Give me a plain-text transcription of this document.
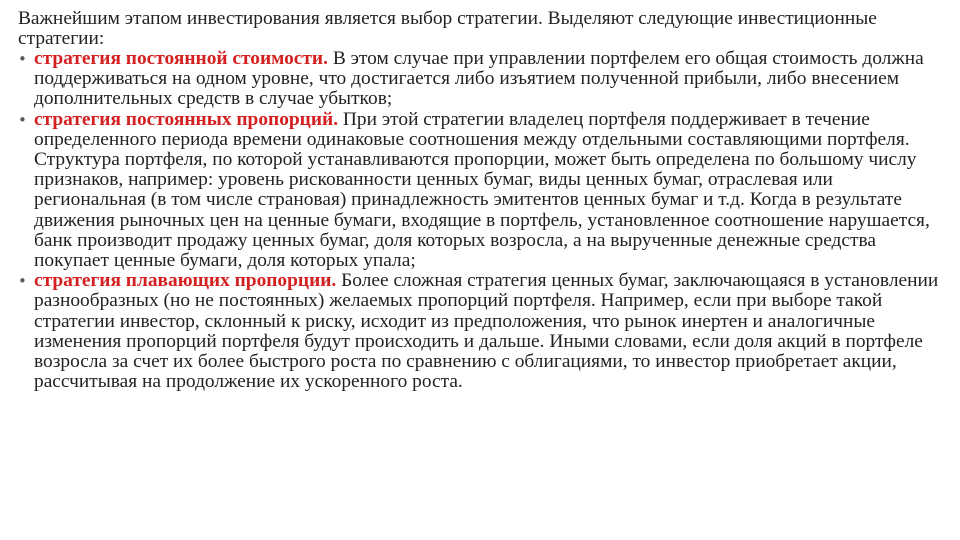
Важнейшим этапом инвестирования является выбор стратегии. Выделяют следующие инвестиционные стратегии:

• стратегия постоянной стоимости. В этом случае при управлении портфелем его общая стоимость должна поддерживаться на одном уровне, что достигается либо изъятием полученной прибыли, либо внесением дополнительных средств в случае убытков;
• стратегия постоянных пропорций. При этой стратегии владелец портфеля поддерживает в течение определенного периода времени одинаковые соотношения между отдельными составляющими портфеля. Структура портфеля, по которой устанавливаются пропорции, может быть определена по большому числу признаков, например: уровень рискованности ценных бумаг, виды ценных бумаг, отраслевая или региональная (в том числе страновая) принадлежность эмитентов ценных бумаг и т.д. Когда в результате движения рыночных цен на ценные бумаги, входящие в портфель, установленное соотношение нарушается, банк производит продажу ценных бумаг, доля которых возросла, а на вырученные денежные средства покупает ценные бумаги, доля которых упала;
• стратегия плавающих пропорции. Более сложная стратегия ценных бумаг, заключающаяся в установлении разнообразных (но не постоянных) желаемых пропорций портфеля. Например, если при выборе такой стратегии инвестор, склонный к риску, исходит из предположения, что рынок инертен и аналогичные изменения пропорций портфеля будут происходить и дальше. Иными словами, если доля акций в портфеле возросла за счет их более быстрого роста по сравнению с облигациями, то инвестор приобретает акции, рассчитывая на продолжение их ускоренного роста.
